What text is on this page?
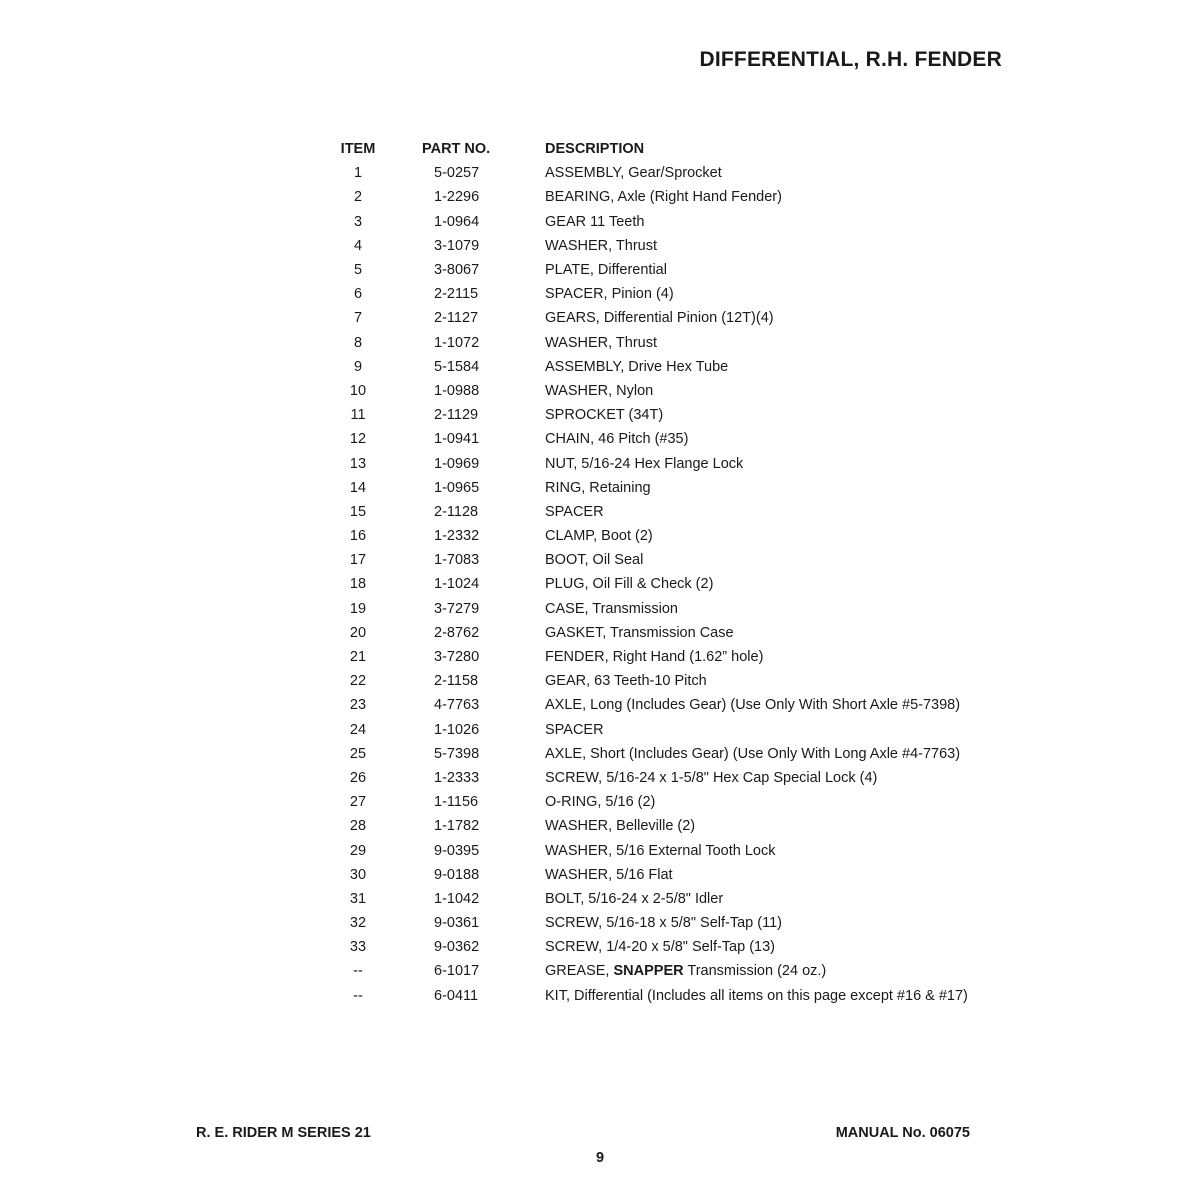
DIFFERENTIAL, R.H. FENDER
ITEM	PART NO.	DESCRIPTION
1	5-0257	ASSEMBLY, Gear/Sprocket
2	1-2296	BEARING, Axle (Right Hand Fender)
3	1-0964	GEAR 11 Teeth
4	3-1079	WASHER, Thrust
5	3-8067	PLATE, Differential
6	2-2115	SPACER, Pinion (4)
7	2-1127	GEARS, Differential Pinion (12T)(4)
8	1-1072	WASHER, Thrust
9	5-1584	ASSEMBLY, Drive Hex Tube
10	1-0988	WASHER, Nylon
11	2-1129	SPROCKET (34T)
12	1-0941	CHAIN, 46 Pitch (#35)
13	1-0969	NUT, 5/16-24 Hex Flange Lock
14	1-0965	RING, Retaining
15	2-1128	SPACER
16	1-2332	CLAMP, Boot (2)
17	1-7083	BOOT, Oil Seal
18	1-1024	PLUG, Oil Fill & Check (2)
19	3-7279	CASE, Transmission
20	2-8762	GASKET, Transmission Case
21	3-7280	FENDER, Right Hand (1.62” hole)
22	2-1158	GEAR, 63 Teeth-10 Pitch
23	4-7763	AXLE, Long (Includes Gear) (Use Only With Short Axle #5-7398)
24	1-1026	SPACER
25	5-7398	AXLE, Short (Includes Gear) (Use Only With Long Axle #4-7763)
26	1-2333	SCREW, 5/16-24 x 1-5/8" Hex Cap Special Lock (4)
27	1-1156	O-RING, 5/16 (2)
28	1-1782	WASHER, Belleville (2)
29	9-0395	WASHER, 5/16 External Tooth Lock
30	9-0188	WASHER, 5/16 Flat
31	1-1042	BOLT, 5/16-24 x 2-5/8" Idler
32	9-0361	SCREW, 5/16-18 x 5/8" Self-Tap (11)
33	9-0362	SCREW, 1/4-20 x 5/8" Self-Tap (13)
--	6-1017	GREASE, SNAPPER Transmission (24 oz.)
--	6-0411	KIT, Differential (Includes all items on this page except #16 & #17)
R. E. RIDER M SERIES 21	MANUAL No. 06075
9
